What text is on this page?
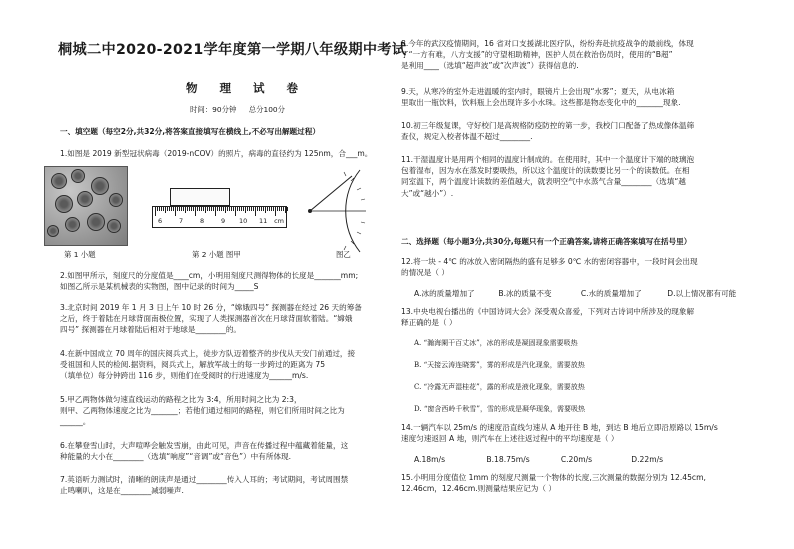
桐城二中2020-2021学年度第一学期八年级期中考试
物 理 试 卷
时间：90分钟 总分100分
一、填空题（每空2分,共32分,将答案直接填写在横线上,不必写出解题过程）

1.如图是 2019 新型冠状病毒（2019-nCOV）的照片，病毒的直径约为 125nm，合___m。

6	7	8	9 10 11 cm
第 1 小题	第 2 小题 图甲	图乙

2.如图甲所示，刻度尺的分度值是____cm，小明用刻度尺测得物体的长度是_______mm;

如图乙所示是某机械表的实物图，图中记录的时间为_____S

3.北京时间 2019 年 1 月 3 日上午 10 时 26 分，“嫦娥四号” 探测器在经过 26 天的筹备

之后，终于着陆在月球背面南极位置，实现了人类探测器首次在月球背面软着陆。“嫦娥

四号” 探测器在月球着陆后相对于地球是________的。

4.在新中国成立 70 周年的国庆阅兵式上，徒步方队迈着整齐的步伐从天安门前通过，接

受祖国和人民的检阅.据资料，阅兵式上，解放军战士的每一步跨过的距离为 75

（填单位）每分钟跨出 116 步，则他们在受阅时的行进速度为______m/s.

5.甲乙两物体做匀速直线运动的路程之比为 3:4，所用时间之比为 2:3，

则甲、乙两物体速度之比为_______；若他们通过相同的路程，则它们所用时间之比为

______。

6.在攀登雪山时，大声喧哗会触发雪崩，由此可见，声音在传播过程中蕴藏着能量，这

种能量的大小在________（选填“响度”“音调”或“音色”）中有所体现.

7.英语听力测试时，清晰的朗读声是通过________传入人耳的；考试期间，考试周围禁

止鸣喇叭，这是在________减弱噪声.

8.今年的武汉疫情期间，16 省对口支援湖北医疗队，纷纷奔赴抗疫战争的最前线，体现

了“一方有难，八方支援”的守望相助精神，医护人员在救治伤员时，使用的“B超”

是利用____（选填“超声波”或“次声波”）获得信息的.

9.天，从寒冷的室外走进温暖的室内时，眼镜片上会出现“水雾”；夏天，从电冰箱

里取出一瓶饮料，饮料瓶上会出现许多小水珠。这些都是物态变化中的_______现象.

10.初三年级复课，守好校门是高规格防疫防控的第一步，我校门口配备了热成像体温筛

查仪，规定入校者体温不超过________.

11.干湿温度计是用两个相同的温度计制成的。在使用时，其中一个温度计下端的玻璃泡

包着湿布，因为水在蒸发时要吸热，所以这个温度计的读数要比另一个的读数低。在相

同室温下，两个温度计读数的差值越大，就表明空气中水蒸气含量________（选填“越

大”或“越小”）.

二、选择题（每小题3分,共30分,每题只有一个正确答案,请将正确答案填写在括号里）

12.将一块 - 4℃ 的冰放入密闭隔热的盛有足够多 0℃ 水的密闭容器中，一段时间会出现

的情况是（ ）

A.冰的质量增加了	B.冰的质量不变	C.水的质量增加了	D.以上情况都有可能

13.中央电视台播出的《中国诗词大会》深受观众喜爱，下列对古诗词中所涉及的现象解

释正确的是（ ）

A. “瀚海阑干百丈冰”，冰的形成是凝固现象需要吸热
B. “天接云涛连晓雾”，雾的形成是汽化现象，需要放热
C. “冷露无声湿桂花”，露的形成是液化现象，需要放热
D. “窗含西岭千秋雪”，雪的形成是凝华现象，需要吸热

14.一辆汽车以 25m/s 的速度沿直线匀速从 A 地开往 B 地，到达 B 地后立即沿原路以 15m/s

速度匀速返回 A 地，则汽车在上述往返过程中的平均速度是（ ）

A.18m/s	B.18.75m/s	C.20m/s	D.22m/s

15.小明用分度值位 1mm 的刻度尺测量一个物体的长度,三次测量的数据分别为 12.45cm,

12.46cm，12.46cm.则测量结果应记为（ ）
